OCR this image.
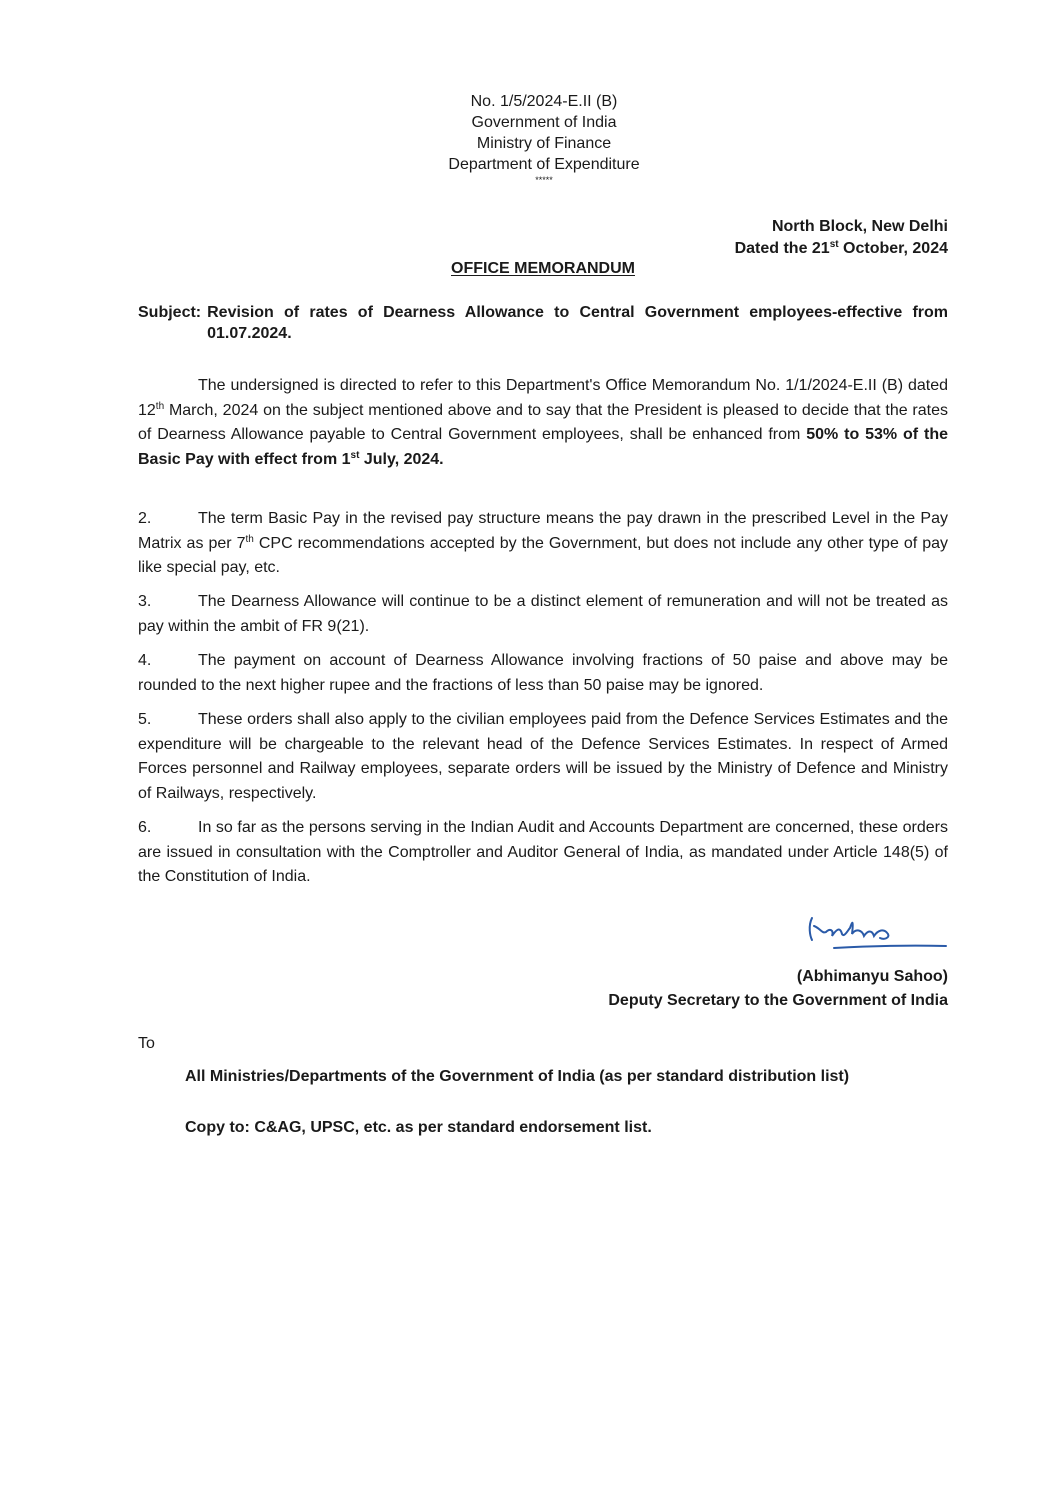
No. 1/5/2024-E.II (B)
Government of India
Ministry of Finance
Department of Expenditure
*****
North Block, New Delhi
Dated the 21st October, 2024
OFFICE MEMORANDUM
Subject: Revision of rates of Dearness Allowance to Central Government employees-effective from 01.07.2024.
The undersigned is directed to refer to this Department's Office Memorandum No. 1/1/2024-E.II (B) dated 12th March, 2024 on the subject mentioned above and to say that the President is pleased to decide that the rates of Dearness Allowance payable to Central Government employees, shall be enhanced from 50% to 53% of the Basic Pay with effect from 1st July, 2024.
2.	The term Basic Pay in the revised pay structure means the pay drawn in the prescribed Level in the Pay Matrix as per 7th CPC recommendations accepted by the Government, but does not include any other type of pay like special pay, etc.
3.	The Dearness Allowance will continue to be a distinct element of remuneration and will not be treated as pay within the ambit of FR 9(21).
4.	The payment on account of Dearness Allowance involving fractions of 50 paise and above may be rounded to the next higher rupee and the fractions of less than 50 paise may be ignored.
5.	These orders shall also apply to the civilian employees paid from the Defence Services Estimates and the expenditure will be chargeable to the relevant head of the Defence Services Estimates. In respect of Armed Forces personnel and Railway employees, separate orders will be issued by the Ministry of Defence and Ministry of Railways, respectively.
6.	In so far as the persons serving in the Indian Audit and Accounts Department are concerned, these orders are issued in consultation with the Comptroller and Auditor General of India, as mandated under Article 148(5) of the Constitution of India.
(Abhimanyu Sahoo)
Deputy Secretary to the Government of India
To
All Ministries/Departments of the Government of India (as per standard distribution list)
Copy to: C&AG, UPSC, etc. as per standard endorsement list.
